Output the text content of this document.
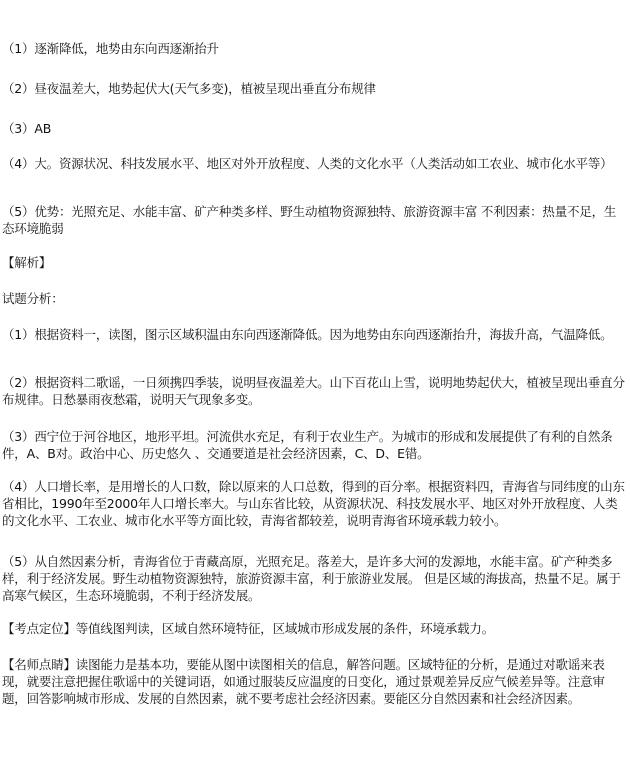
（1）逐渐降低，地势由东向西逐渐抬升

（2）昼夜温差大，地势起伏大(天气多变)，植被呈现出垂直分布规律

（3）AB

（4）大。资源状况、科技发展水平、地区对外开放程度、人类的文化水平（人类活动如工农业、城市化水平等）

（5）优势：光照充足、水能丰富、矿产种类多样、野生动植物资源独特、旅游资源丰富 不利因素：热量不足，生态环境脆弱

【解析】

试题分析：

（1）根据资料一，读图，图示区域积温由东向西逐渐降低。因为地势由东向西逐渐抬升，海拔升高，气温降低。

（2）根据资料二歌谣，一日须携四季装，说明昼夜温差大。山下百花山上雪，说明地势起伏大，植被呈现出垂直分布规律。日愁暴雨夜愁霜，说明天气现象多变。

（3）西宁位于河谷地区，地形平坦。河流供水充足，有利于农业生产。为城市的形成和发展提供了有利的自然条件，A、B对。政治中心、历史悠久 、交通要道是社会经济因素，C、D、E错。

（4）人口增长率，是用增长的人口数，除以原来的人口总数，得到的百分率。根据资料四，青海省与同纬度的山东省相比，1990年至2000年人口增长率大。与山东省比较，从资源状况、科技发展水平、地区对外开放程度、人类的文化水平、工农业、城市化水平等方面比较，青海省都较差，说明青海省环境承载力较小。

（5）从自然因素分析，青海省位于青藏高原，光照充足。落差大，是许多大河的发源地，水能丰富。矿产种类多样，利于经济发展。野生动植物资源独特，旅游资源丰富，利于旅游业发展。 但是区域的海拔高，热量不足。属于高寒气候区，生态环境脆弱，不利于经济发展。

【考点定位】等值线图判读，区域自然环境特征，区域城市形成发展的条件，环境承载力。

【名师点睛】读图能力是基本功，要能从图中读图相关的信息，解答问题。区域特征的分析，是通过对歌谣来表现，就要注意把握住歌谣中的关键词语，如通过服装反应温度的日变化，通过景观差异反应气候差异等。注意审题，回答影响城市形成、发展的自然因素，就不要考虑社会经济因素。要能区分自然因素和社会经济因素。
